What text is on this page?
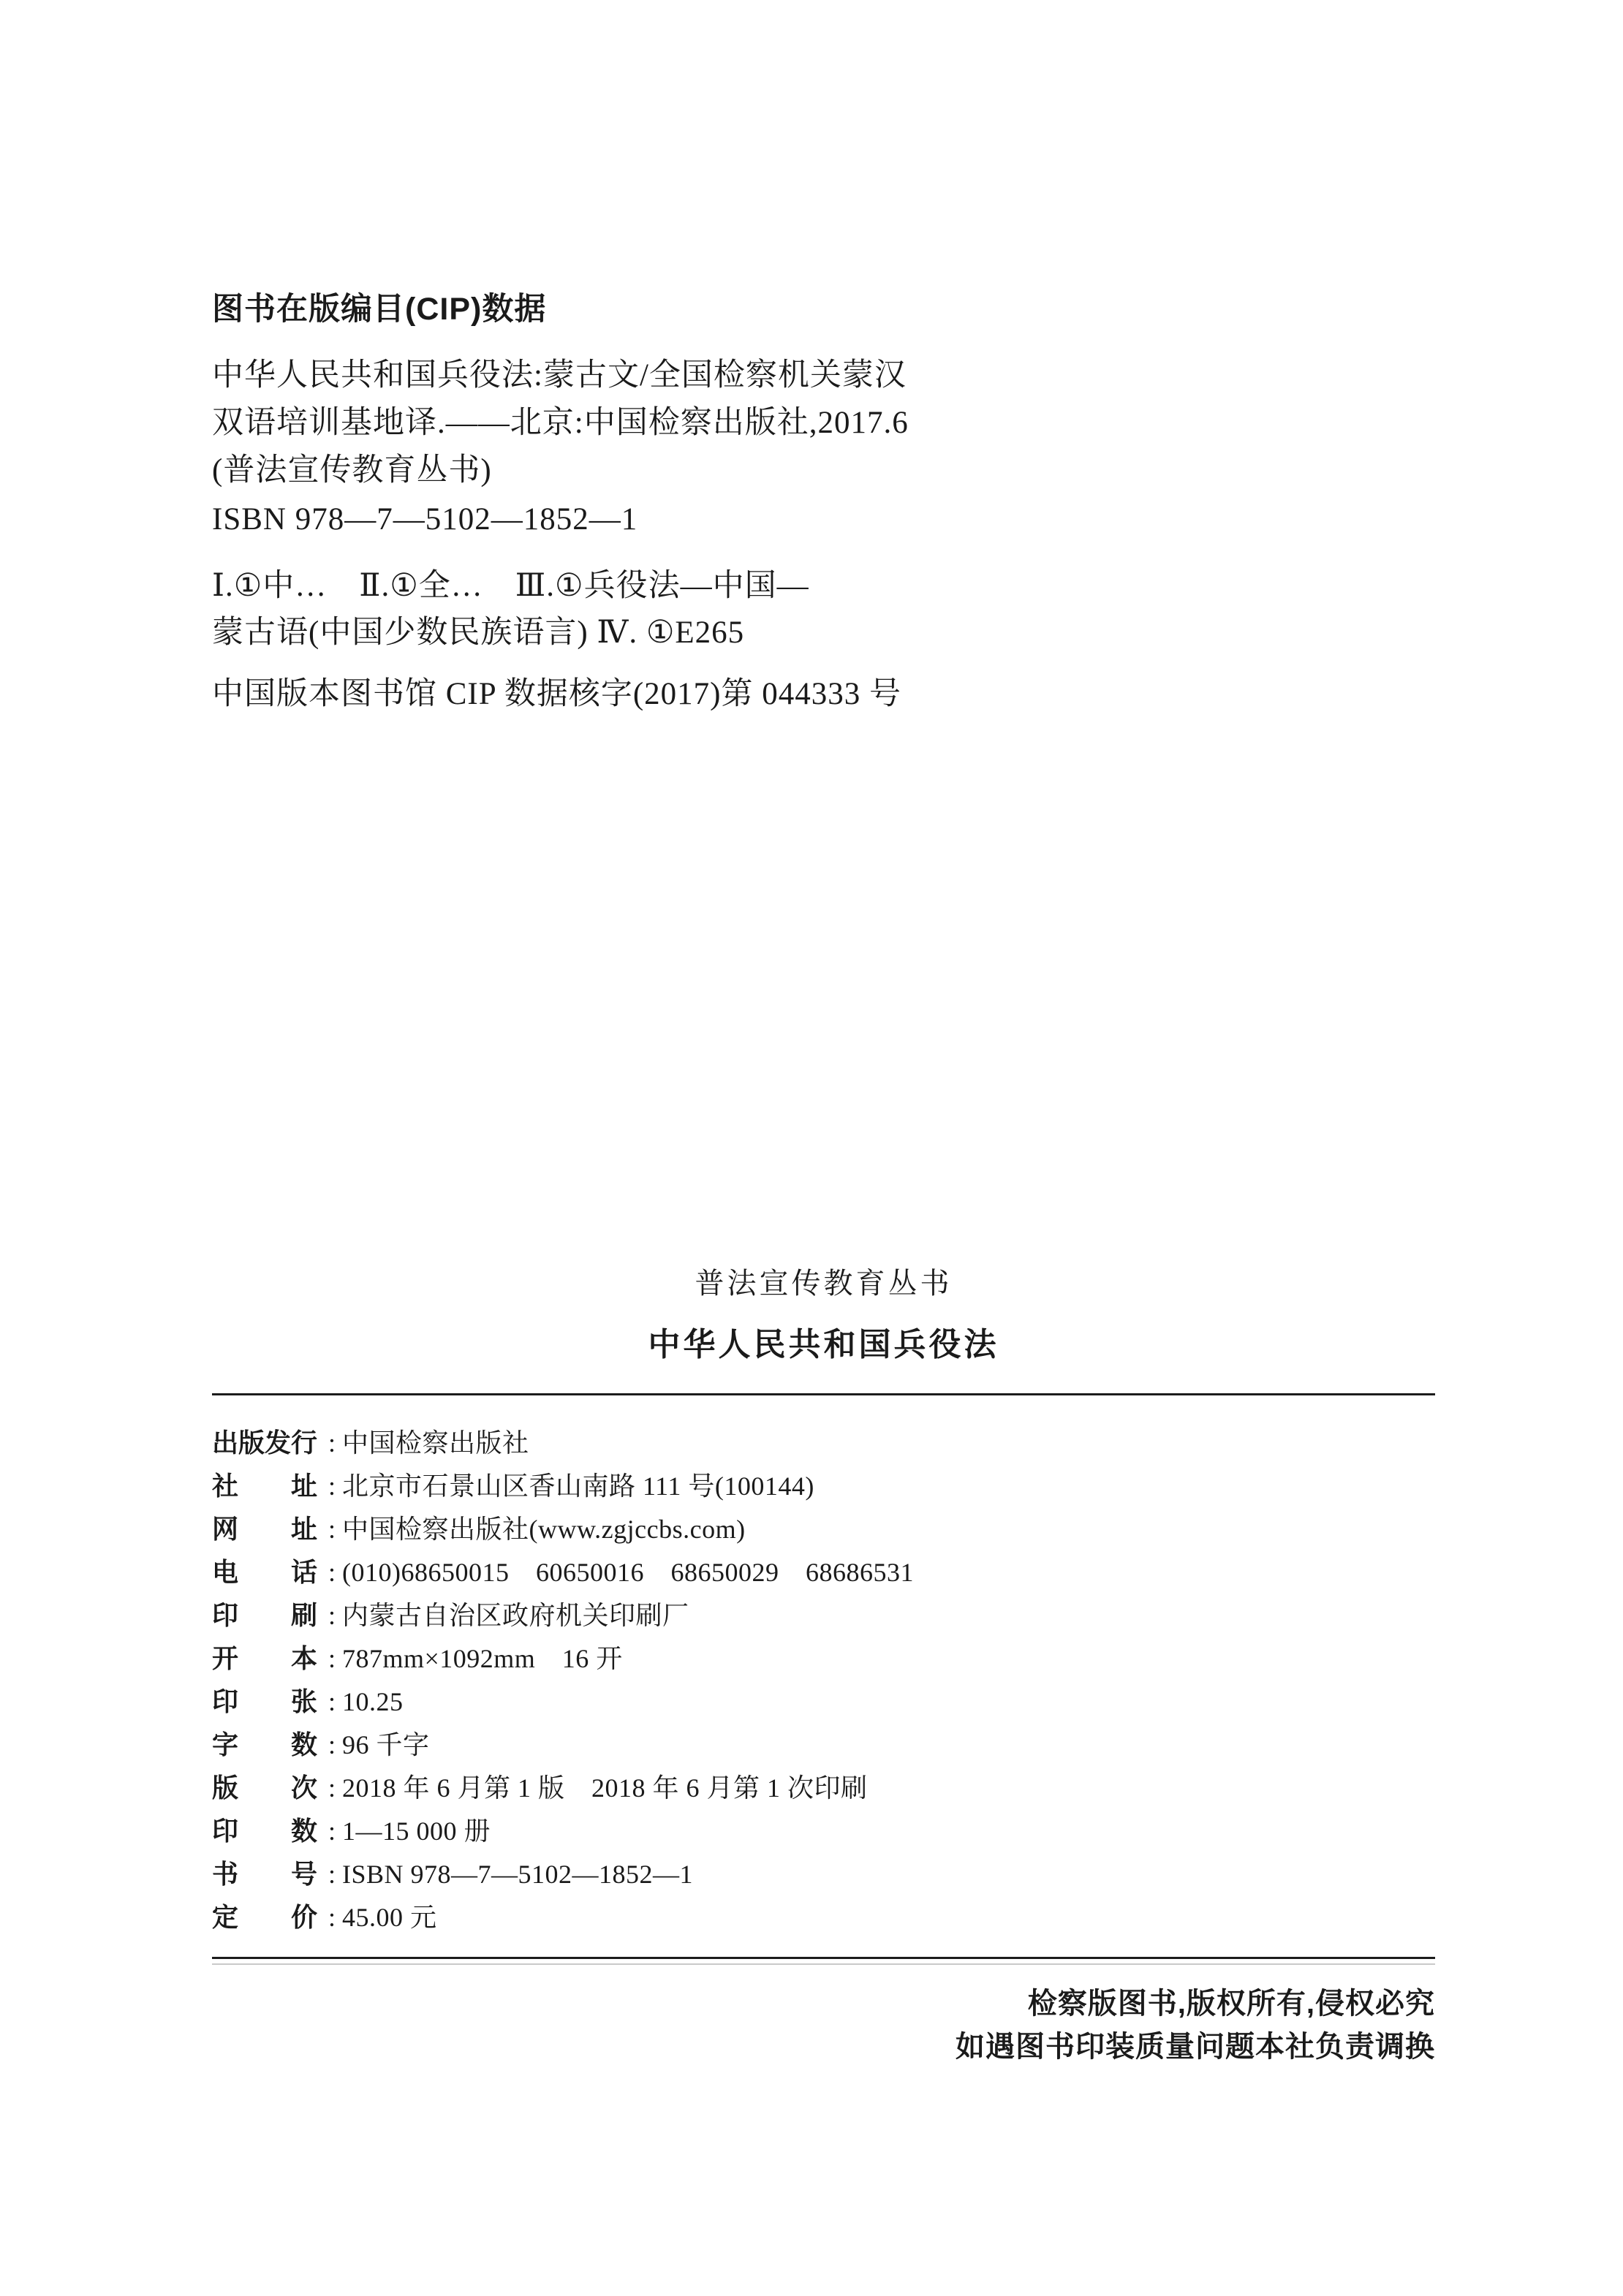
图书在版编目(CIP)数据
中华人民共和国兵役法:蒙古文/全国检察机关蒙汉
双语培训基地译.——北京:中国检察出版社,2017.6
(普法宣传教育丛书)
ISBN 978—7—5102—1852—1
Ⅰ.①中…　Ⅱ.①全…　Ⅲ.①兵役法—中国—
蒙古语(中国少数民族语言) Ⅳ. ①E265
中国版本图书馆 CIP 数据核字(2017)第 044333 号
普法宣传教育丛书
中华人民共和国兵役法
出版发行 : 中国检察出版社
社　　址 : 北京市石景山区香山南路 111 号(100144)
网　　址 : 中国检察出版社(www.zgjccbs.com)
电　　话 : (010)68650015　60650016　68650029　68686531
印　　刷 : 内蒙古自治区政府机关印刷厂
开　　本 : 787mm×1092mm　16 开
印　　张 : 10.25
字　　数 : 96 千字
版　　次 : 2018 年 6 月第 1 版　2018 年 6 月第 1 次印刷
印　　数 : 1—15 000 册
书　　号 : ISBN 978—7—5102—1852—1
定　　价 : 45.00 元
检察版图书,版权所有,侵权必究
如遇图书印装质量问题本社负责调换
